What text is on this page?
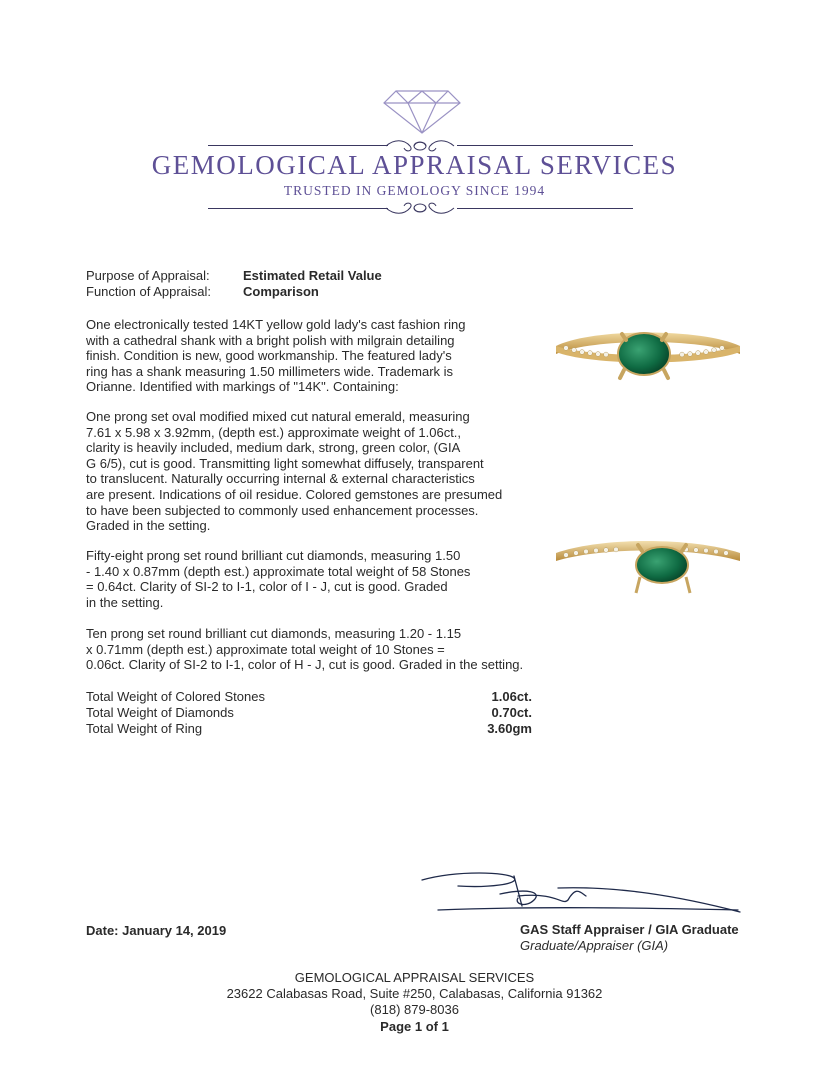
GEMOLOGICAL APPRAISAL SERVICES
TRUSTED IN GEMOLOGY SINCE 1994
Purpose of Appraisal:	Estimated Retail Value
Function of Appraisal: Comparison
One electronically tested 14KT yellow gold lady's cast fashion ring
with a cathedral shank with a bright polish with milgrain detailing
finish. Condition is new, good workmanship. The featured lady's
ring has a shank measuring 1.50 millimeters wide. Trademark is
Orianne. Identified with markings of "14K". Containing:
One prong set oval modified mixed cut natural emerald, measuring
7.61 x 5.98 x 3.92mm, (depth est.) approximate weight of 1.06ct.,
clarity is heavily included, medium dark, strong, green color, (GIA
G 6/5), cut is good. Transmitting light somewhat diffusely, transparent
to translucent. Naturally occurring internal & external characteristics
are present. Indications of oil residue. Colored gemstones are presumed
to have been subjected to commonly used enhancement processes.
Graded in the setting.
Fifty-eight prong set round brilliant cut diamonds, measuring 1.50
- 1.40 x 0.87mm (depth est.) approximate total weight of 58 Stones
= 0.64ct. Clarity of SI-2 to I-1, color of I - J, cut is good. Graded
in the setting.
Ten prong set round brilliant cut diamonds, measuring 1.20 - 1.15
x 0.71mm (depth est.) approximate total weight of 10 Stones =
0.06ct. Clarity of SI-2 to I-1, color of H - J, cut is good. Graded in the setting.
Total Weight of Colored Stones	1.06ct.
Total Weight of Diamonds	0.70ct.
Total Weight of Ring	3.60gm
Date: January 14, 2019	GAS Staff Appraiser / GIA Graduate
Graduate/Appraiser (GIA)
GEMOLOGICAL APPRAISAL SERVICES
23622 Calabasas Road, Suite #250, Calabasas, California 91362
(818) 879-8036
Page 1 of 1
